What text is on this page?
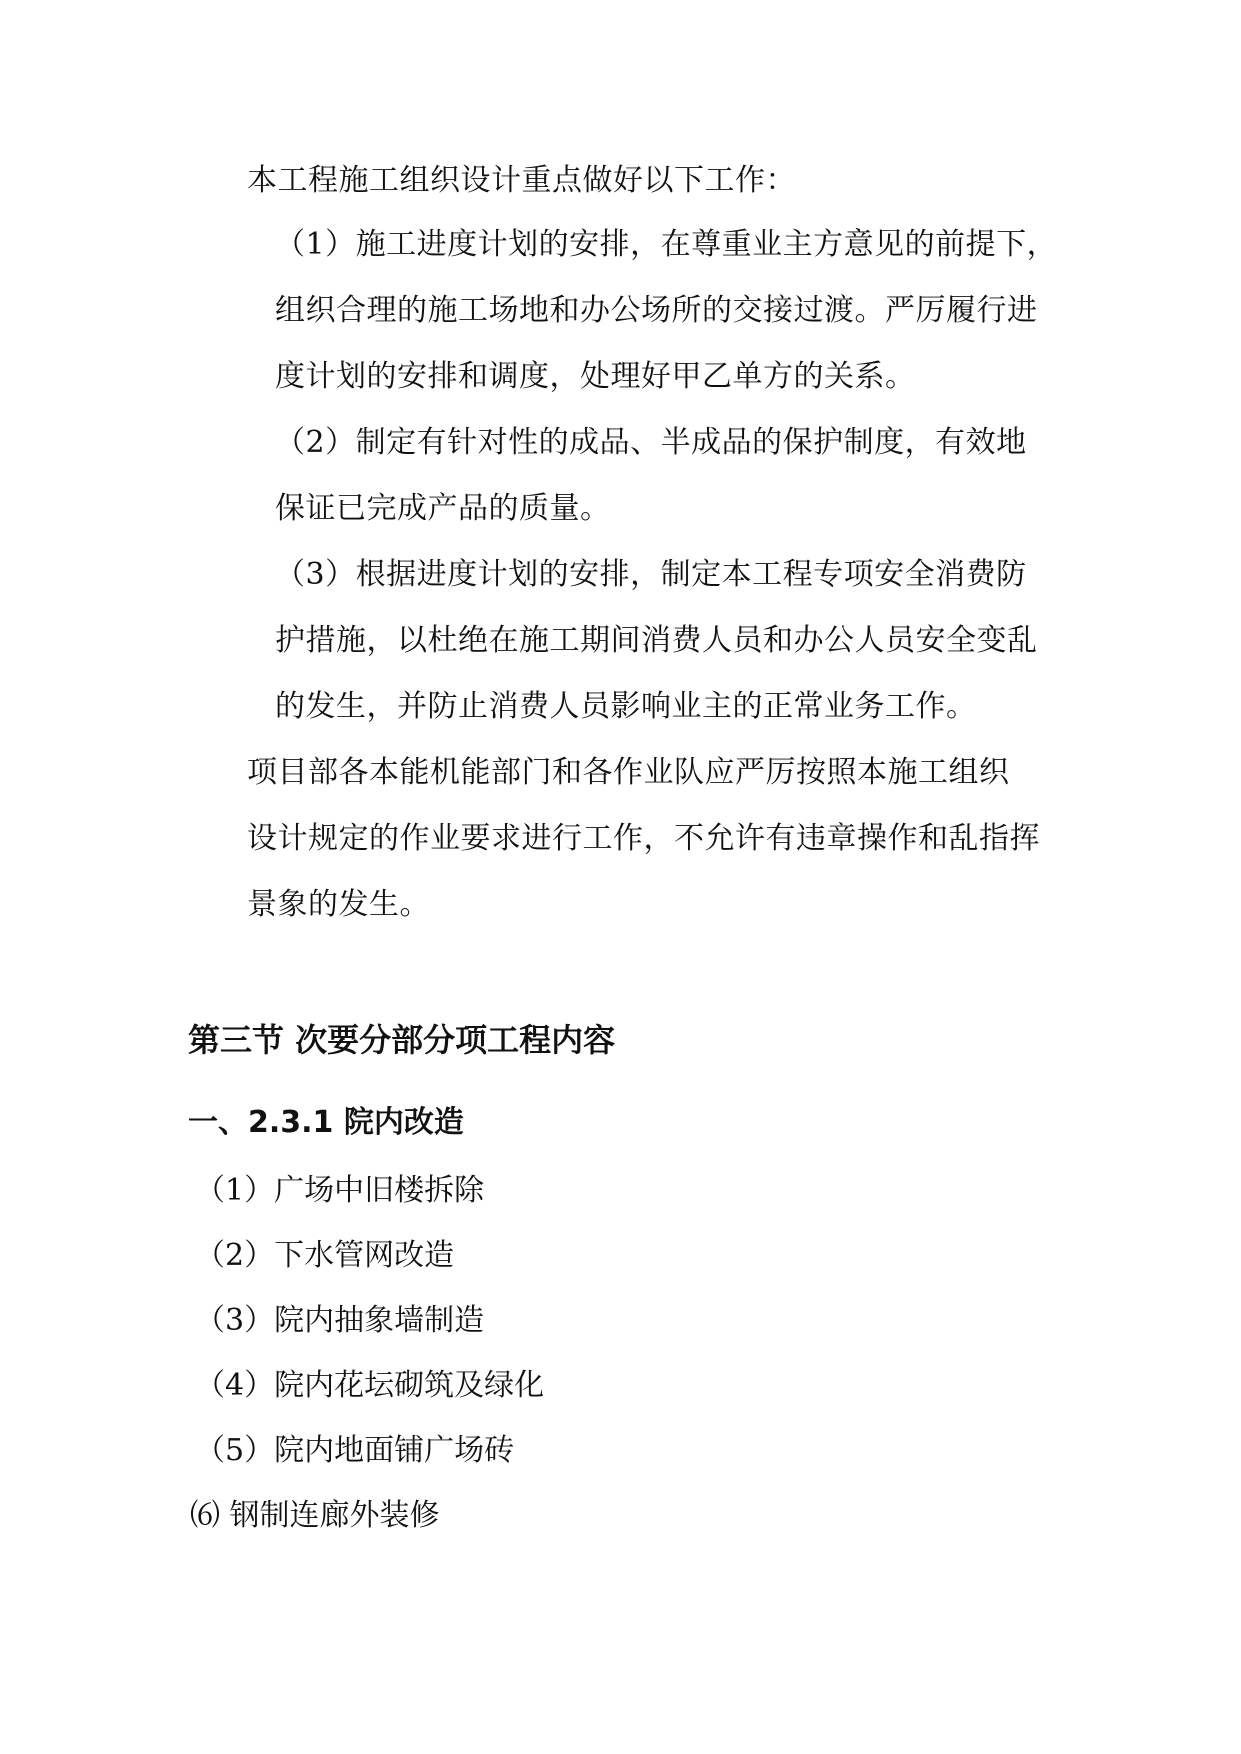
本工程施工组织设计重点做好以下工作：
（1）施工进度计划的安排，在尊重业主方意见的前提下，
组织合理的施工场地和办公场所的交接过渡。严厉履行进
度计划的安排和调度，处理好甲乙单方的关系。
（2）制定有针对性的成品、半成品的保护制度，有效地
保证已完成产品的质量。
（3）根据进度计划的安排，制定本工程专项安全消费防
护措施，以杜绝在施工期间消费人员和办公人员安全变乱
的发生，并防止消费人员影响业主的正常业务工作。
项目部各本能机能部门和各作业队应严厉按照本施工组织
设计规定的作业要求进行工作，不允许有违章操作和乱指挥
景象的发生。
第三节 次要分部分项工程内容
一、2.3.1 院内改造
（1）广场中旧楼拆除
（2）下水管网改造
（3）院内抽象墙制造
（4）院内花坛砌筑及绿化
（5）院内地面铺广场砖
⑹ 钢制连廊外装修
